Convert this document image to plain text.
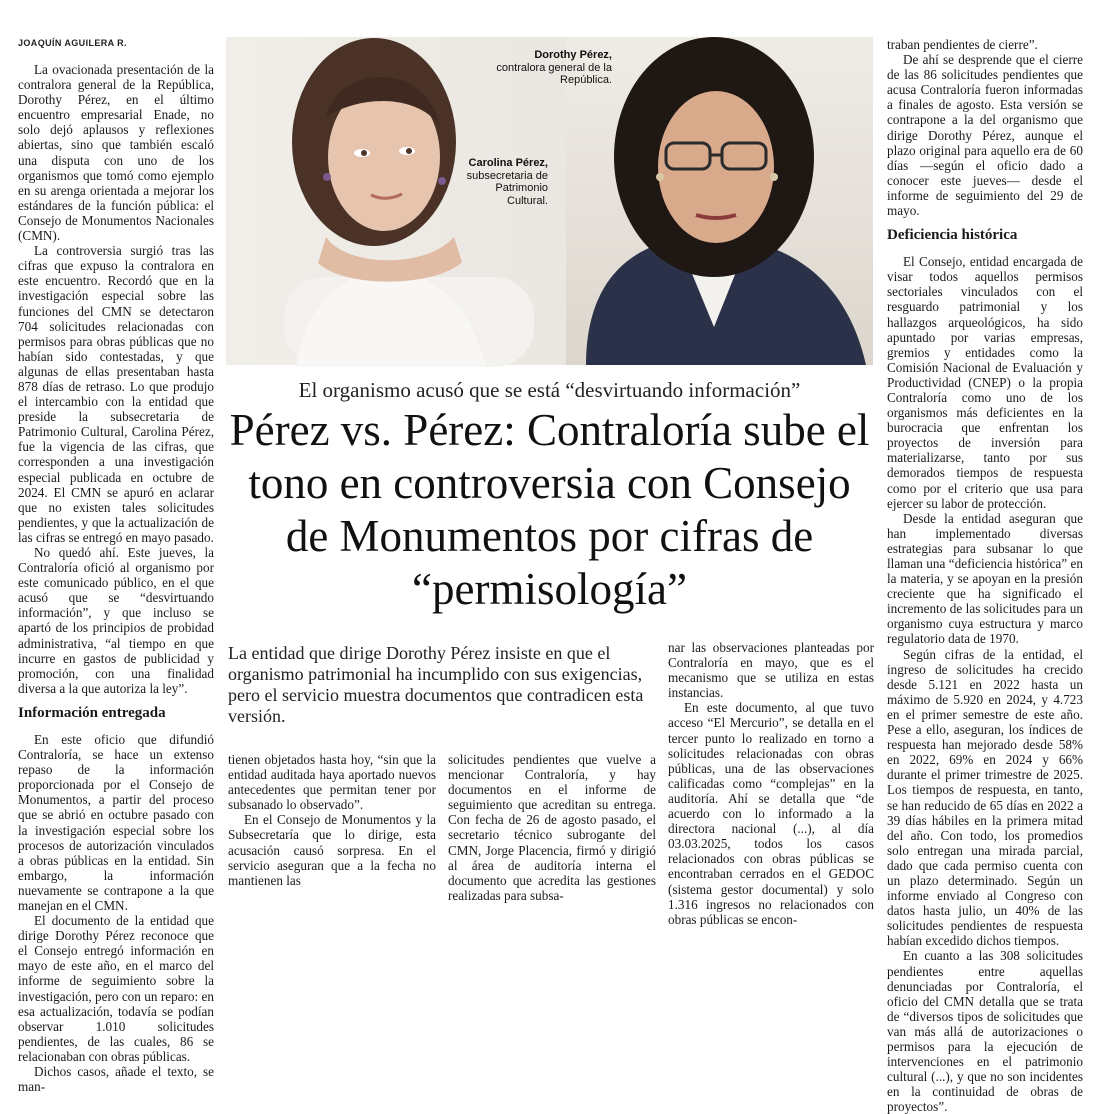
JOAQUÍN AGUILERA R.

La ovacionada presentación de la contralora general de la República, Dorothy Pérez, en el último encuentro empresarial Enade, no solo dejó aplausos y reflexiones abiertas, sino que también escaló una disputa con uno de los organismos que tomó como ejemplo en su arenga orientada a mejorar los estándares de la función pública: el Consejo de Monumentos Nacionales (CMN).

La controversia surgió tras las cifras que expuso la contralora en este encuentro. Recordó que en la investigación especial sobre las funciones del CMN se detectaron 704 solicitudes relacionadas con permisos para obras públicas que no habían sido contestadas, y que algunas de ellas presentaban hasta 878 días de retraso. Lo que produjo el intercambio con la entidad que preside la subsecretaria de Patrimonio Cultural, Carolina Pérez, fue la vigencia de las cifras, que corresponden a una investigación especial publicada en octubre de 2024. El CMN se apuró en aclarar que no existen tales solicitudes pendientes, y que la actualización de las cifras se entregó en mayo pasado.

No quedó ahí. Este jueves, la Contraloría ofició al organismo por este comunicado público, en el que acusó que se “desvirtuando información”, y que incluso se apartó de los principios de probidad administrativa, “al tiempo en que incurre en gastos de publicidad y promoción, con una finalidad diversa a la que autoriza la ley”.

Información entregada

En este oficio que difundió Contraloría, se hace un extenso repaso de la información proporcionada por el Consejo de Monumentos, a partir del proceso que se abrió en octubre pasado con la investigación especial sobre los procesos de autorización vinculados a obras públicas en la entidad. Sin embargo, la información nuevamente se contrapone a la que manejan en el CMN.

El documento de la entidad que dirige Dorothy Pérez reconoce que el Consejo entregó información en mayo de este año, en el marco del informe de seguimiento sobre la investigación, pero con un reparo: en esa actualización, todavía se podían observar 1.010 solicitudes pendientes, de las cuales, 86 se relacionaban con obras públicas.

Dichos casos, añade el texto, se man-

Dorothy Pérez,
contralora general de la República.
Carolina Pérez,
subsecretaria de Patrimonio Cultural.
El organismo acusó que se está “desvirtuando información”
Pérez vs. Pérez: Contraloría sube el tono en controversia con Consejo de Monumentos por cifras de “permisología”
La entidad que dirige Dorothy Pérez insiste en que el organismo patrimonial ha incumplido con sus exigencias, pero el servicio muestra documentos que contradicen esta versión.

tienen objetados hasta hoy, “sin que la entidad auditada haya aportado nuevos antecedentes que permitan tener por subsanado lo observado”.

En el Consejo de Monumentos y la Subsecretaría que lo dirige, esta acusación causó sorpresa. En el servicio aseguran que a la fecha no mantienen las

solicitudes pendientes que vuelve a mencionar Contraloría, y hay documentos en el informe de seguimiento que acreditan su entrega. Con fecha de 26 de agosto pasado, el secretario técnico subrogante del CMN, Jorge Placencia, firmó y dirigió al área de auditoría interna el documento que acredita las gestiones realizadas para subsa-

nar las observaciones planteadas por Contraloría en mayo, que es el mecanismo que se utiliza en estas instancias.

En este documento, al que tuvo acceso “El Mercurio”, se detalla en el tercer punto lo realizado en torno a solicitudes relacionadas con obras públicas, una de las observaciones calificadas como “complejas” en la auditoría. Ahí se detalla que “de acuerdo con lo informado a la directora nacional (...), al día 03.03.2025, todos los casos relacionados con obras públicas se encontraban cerrados en el GEDOC (sistema gestor documental) y solo 1.316 ingresos no relacionados con obras públicas se encon-

traban pendientes de cierre”.

De ahí se desprende que el cierre de las 86 solicitudes pendientes que acusa Contraloría fueron informadas a finales de agosto. Esta versión se contrapone a la del organismo que dirige Dorothy Pérez, aunque el plazo original para aquello era de 60 días —según el oficio dado a conocer este jueves— desde el informe de seguimiento del 29 de mayo.

Deficiencia histórica

El Consejo, entidad encargada de visar todos aquellos permisos sectoriales vinculados con el resguardo patrimonial y los hallazgos arqueológicos, ha sido apuntado por varias empresas, gremios y entidades como la Comisión Nacional de Evaluación y Productividad (CNEP) o la propia Contraloría como uno de los organismos más deficientes en la burocracia que enfrentan los proyectos de inversión para materializarse, tanto por sus demorados tiempos de respuesta como por el criterio que usa para ejercer su labor de protección.

Desde la entidad aseguran que han implementado diversas estrategias para subsanar lo que llaman una “deficiencia histórica” en la materia, y se apoyan en la presión creciente que ha significado el incremento de las solicitudes para un organismo cuya estructura y marco regulatorio data de 1970.

Según cifras de la entidad, el ingreso de solicitudes ha crecido desde 5.121 en 2022 hasta un máximo de 5.920 en 2024, y 4.723 en el primer semestre de este año. Pese a ello, aseguran, los índices de respuesta han mejorado desde 58% en 2022, 69% en 2024 y 66% durante el primer trimestre de 2025. Los tiempos de respuesta, en tanto, se han reducido de 65 días en 2022 a 39 días hábiles en la primera mitad del año. Con todo, los promedios solo entregan una mirada parcial, dado que cada permiso cuenta con un plazo determinado. Según un informe enviado al Congreso con datos hasta julio, un 40% de las solicitudes pendientes de respuesta habían excedido dichos tiempos.

En cuanto a las 308 solicitudes pendientes entre aquellas denunciadas por Contraloría, el oficio del CMN detalla que se trata de “diversos tipos de solicitudes que van más allá de autorizaciones o permisos para la ejecución de intervenciones en el patrimonio cultural (...), y que no son incidentes en la continuidad de obras de proyectos”.
